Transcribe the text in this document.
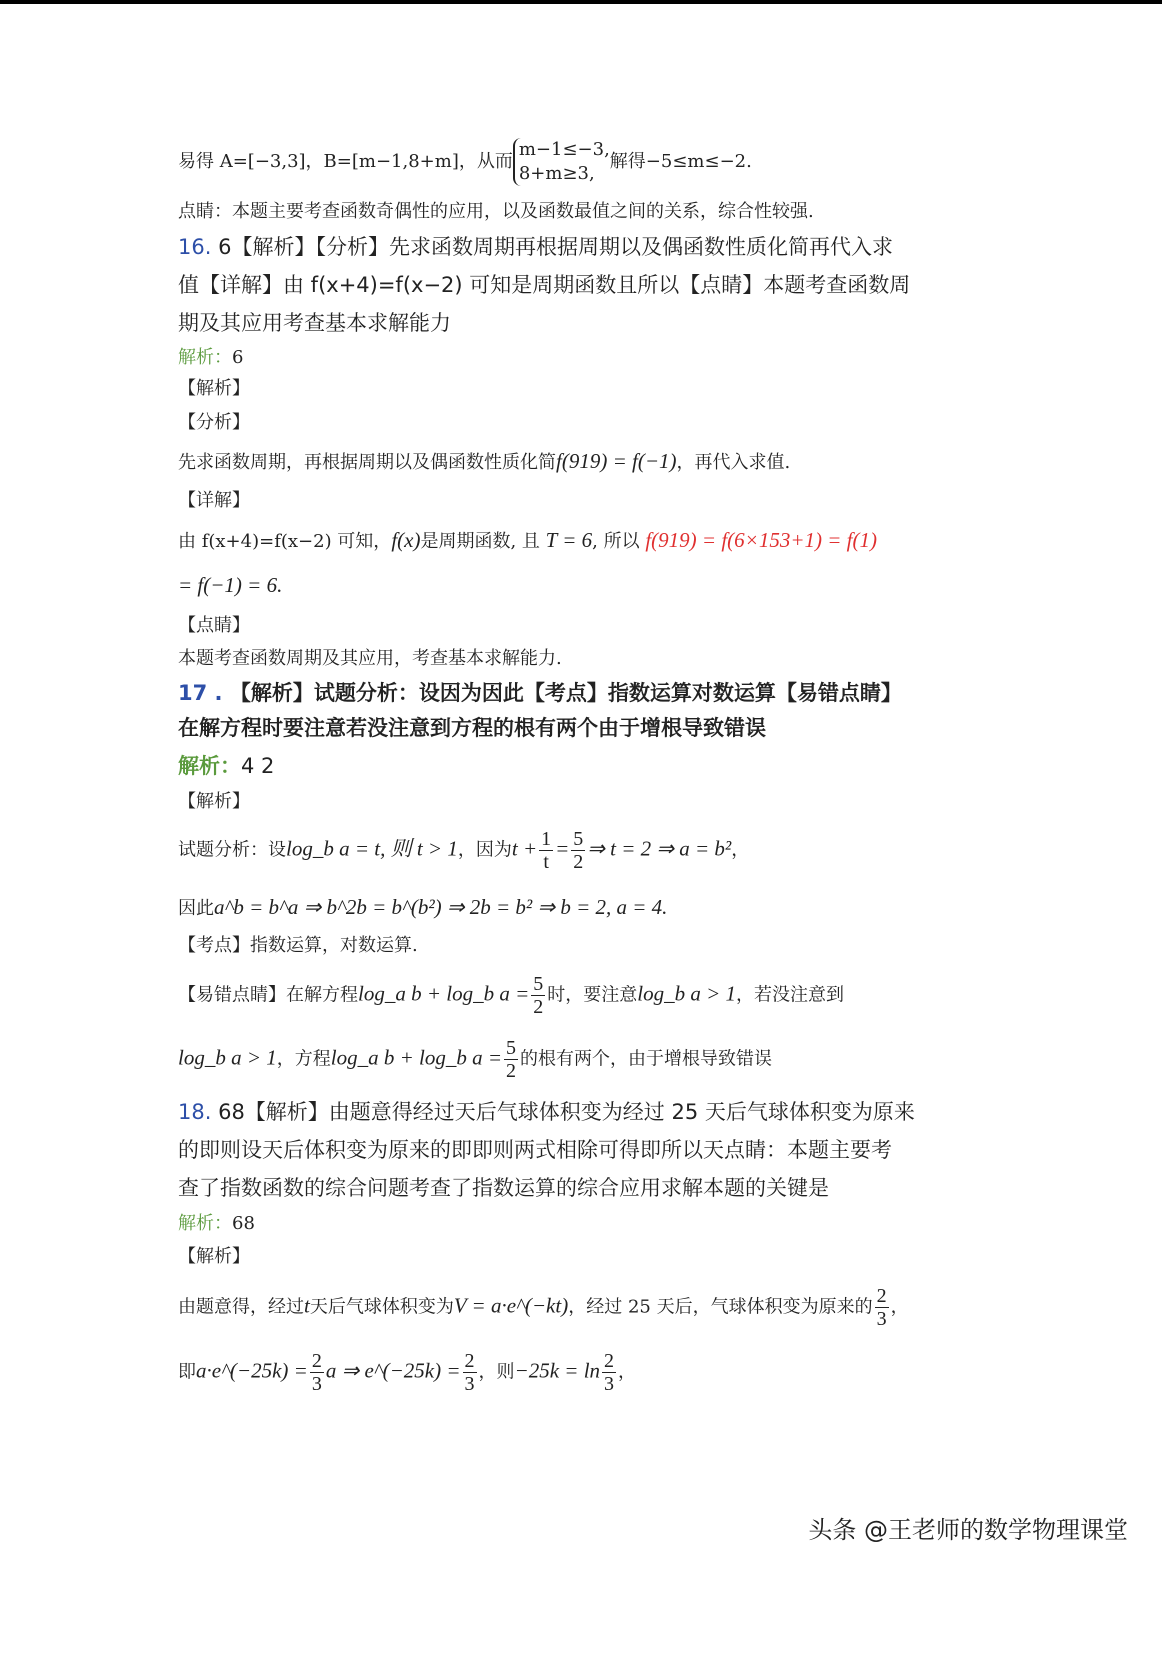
易得 A=[−3,3]，B=[m−1,8+m]，从而
m−1≤−3,
8+m≥3,
解得−5≤m≤−2.
点睛：本题主要考查函数奇偶性的应用，以及函数最值之间的关系，综合性较强.
16. 6【解析】【分析】先求函数周期再根据周期以及偶函数性质化简再代入求
值【详解】由 f(x+4)=f(x−2) 可知是周期函数且所以【点睛】本题考查函数周
期及其应用考查基本求解能力
解析：6
【解析】
【分析】
先求函数周期，再根据周期以及偶函数性质化简f(919) = f(−1)，再代入求值.
【详解】
由 f(x+4)=f(x−2) 可知，f(x)是周期函数, 且 T = 6, 所以 f(919) = f(6×153+1) = f(1)
= f(−1) = 6.
【点睛】
本题考查函数周期及其应用，考查基本求解能力.
17 . 【解析】试题分析：设因为因此【考点】指数运算对数运算【易错点睛】
在解方程时要注意若没注意到方程的根有两个由于增根导致错误
解析：4 2
【解析】
试题分析：设log_b a = t, 则 t > 1，因为$t + \frac{1}{t} = \frac{5}{2}$ ⇒ t = 2 ⇒ a = b²，
因此a^b = b^a ⇒ b^2b = b^(b²) ⇒ 2b = b² ⇒ b = 2, a = 4.
【考点】指数运算，对数运算.
【易错点睛】在解方程log_a b + log_b $a = \frac{5}{2}$ 时，要注意log_b a > 1，若没注意到
log_b a > 1，方程log_a b + log_b $a = \frac{5}{2}$ 的根有两个，由于增根导致错误
18. 68【解析】由题意得经过天后气球体积变为经过 25 天后气球体积变为原来
的即则设天后体积变为原来的即即则两式相除可得即所以天点睛：本题主要考
查了指数函数的综合问题考查了指数运算的综合应用求解本题的关键是
解析：68
【解析】
由题意得，经过t天后气球体积变为V = a·e^(−kt)，经过 25 天后，气球体积变为原来的 $\frac{2}{3}$ ，
即a·e^(−25k) = $\frac{2}{3}$ a ⇒ e^(−25k) = $\frac{2}{3}$ ，则$-25k = \ln \frac{2}{3}$ ，
头条 @王老师的数学物理课堂
